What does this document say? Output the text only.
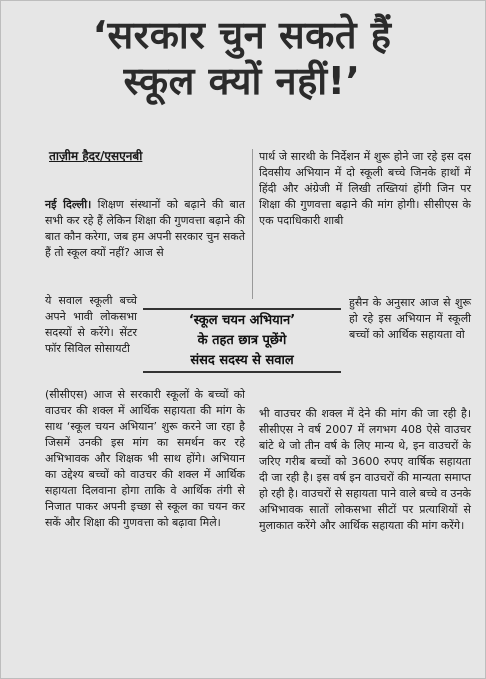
‘सरकार चुन सकते हैं
स्कूल क्यों नहीं!’
ताज़ीम हैदर/एसएनबी

नई दिल्ली। शिक्षण संस्थानों को बढ़ाने की बात सभी कर रहे हैं लेकिन शिक्षा की गुणवत्ता बढ़ाने की बात कौन करेगा, जब हम अपनी सरकार चुन सकते हैं तो स्कूल क्यों नहीं? आज से

ये सवाल स्कूली बच्चे अपने भावी लोकसभा सदस्यों से करेंगे। सेंटर फॉर सिविल सोसायटी

(सीसीएस) आज से सरकारी स्कूलों के बच्चों को वाउचर की शक्ल में आर्थिक सहायता की मांग के साथ ‘स्कूल चयन अभियान’ शुरू करने जा रहा है जिसमें उनकी इस मांग का समर्थन कर रहे अभिभावक और शिक्षक भी साथ होंगे। अभियान का उद्देश्य बच्चों को वाउचर की शक्ल में आर्थिक सहायता दिलवाना होगा ताकि वे आर्थिक तंगी से निजात पाकर अपनी इच्छा से स्कूल का चयन कर सकें और शिक्षा की गुणवत्ता को बढ़ावा मिले।

पार्थ जे सारथी के निर्देशन में शुरू होने जा रहे इस दस दिवसीय अभियान में दो स्कूली बच्चे जिनके हाथों में हिंदी और अंग्रेजी में लिखी तख्तियां होंगी जिन पर शिक्षा की गुणवत्ता बढ़ाने की मांग होगी। सीसीएस के एक पदाधिकारी शाबी

हुसैन के अनुसार आज से शुरू हो रहे इस अभियान में स्कूली बच्चों को आर्थिक सहायता वो

भी वाउचर की शक्ल में देने की मांग की जा रही है। सीसीएस ने वर्ष 2007 में लगभग 408 ऐसे वाउचर बांटे थे जो तीन वर्ष के लिए मान्य थे, इन वाउचरों के जरिए गरीब बच्चों को 3600 रुपए वार्षिक सहायता दी जा रही है। इस वर्ष इन वाउचरों की मान्यता समाप्त हो रही है। वाउचरों से सहायता पाने वाले बच्चे व उनके अभिभावक सातों लोकसभा सीटों पर प्रत्याशियों से मुलाकात करेंगे और आर्थिक सहायता की मांग करेंगे।

‘स्कूल चयन अभियान’
के तहत छात्र पूछेंगे
संसद सदस्य से सवाल
